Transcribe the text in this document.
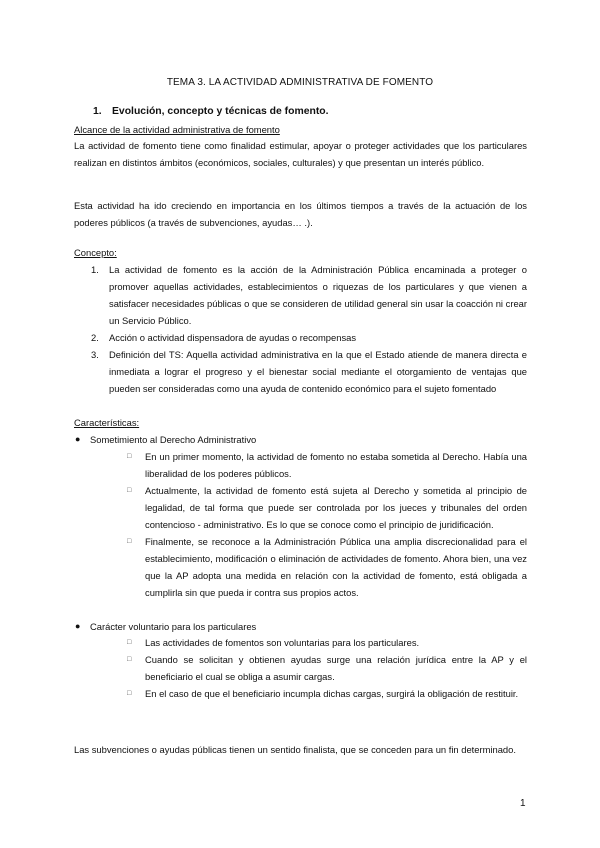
TEMA 3. LA ACTIVIDAD ADMINISTRATIVA DE FOMENTO
1. Evolución, concepto y técnicas de fomento.
Alcance de la actividad administrativa de fomento
La actividad de fomento tiene como finalidad estimular, apoyar o proteger actividades que los particulares realizan en distintos ámbitos (económicos, sociales, culturales) y que presentan un interés público.
Esta actividad ha ido creciendo en importancia en los últimos tiempos a través de la actuación de los poderes públicos (a través de subvenciones, ayudas… .).
Concepto:
1. La actividad de fomento es la acción de la Administración Pública encaminada a proteger o promover aquellas actividades, establecimientos o riquezas de los particulares y que vienen a satisfacer necesidades públicas o que se consideren de utilidad general sin usar la coacción ni crear un Servicio Público.
2. Acción o actividad dispensadora de ayudas o recompensas
3. Definición del TS: Aquella actividad administrativa en la que el Estado atiende de manera directa e inmediata a lograr el progreso y el bienestar social mediante el otorgamiento de ventajas que pueden ser consideradas como una ayuda de contenido económico para el sujeto fomentado
Características:
● Sometimiento al Derecho Administrativo
□ En un primer momento, la actividad de fomento no estaba sometida al Derecho. Había una liberalidad de los poderes públicos.
□ Actualmente, la actividad de fomento está sujeta al Derecho y sometida al principio de legalidad, de tal forma que puede ser controlada por los jueces y tribunales del orden contencioso - administrativo. Es lo que se conoce como el principio de juridificación.
□ Finalmente, se reconoce a la Administración Pública una amplia discrecionalidad para el establecimiento, modificación o eliminación de actividades de fomento. Ahora bien, una vez que la AP adopta una medida en relación con la actividad de fomento, está obligada a cumplirla sin que pueda ir contra sus propios actos.
● Carácter voluntario para los particulares
□ Las actividades de fomentos son voluntarias para los particulares.
□ Cuando se solicitan y obtienen ayudas surge una relación jurídica entre la AP y el beneficiario el cual se obliga a asumir cargas.
□ En el caso de que el beneficiario incumpla dichas cargas, surgirá la obligación de restituir.
Las subvenciones o ayudas públicas tienen un sentido finalista, que se conceden para un fin determinado.
1
